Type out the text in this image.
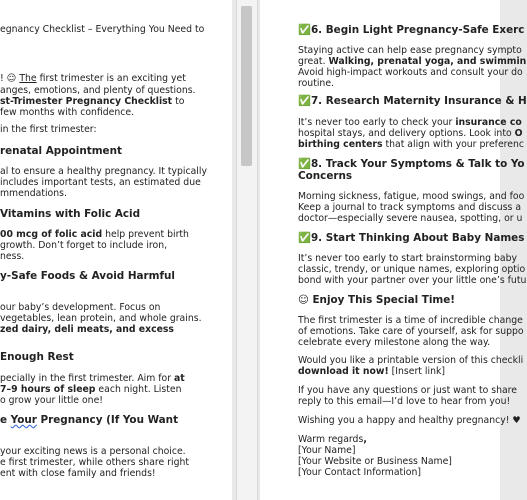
egnancy Checklist – Everything You Need to
! ☺ The first trimester is an exciting yet
anges, emotions, and plenty of questions.
st-Trimester Pregnancy Checklist to
few months with confidence.
in the first trimester:
renatal Appointment
al to ensure a healthy pregnancy. It typically
includes important tests, an estimated due
mmendations.
Vitamins with Folic Acid
00 mcg of folic acid help prevent birth
growth. Don’t forget to include iron,
ness.
y-Safe Foods & Avoid Harmful
our baby’s development. Focus on
vegetables, lean protein, and whole grains.
zed dairy, deli meats, and excess
Enough Rest
pecially in the first trimester. Aim for at
7–9 hours of sleep each night. Listen
o grow your little one!
e Your Pregnancy (If You Want
your exciting news is a personal choice.
e first trimester, while others share right
ent with close family and friends!
✅6. Begin Light Pregnancy-Safe Exerc
Staying active can help ease pregnancy sympto
great. Walking, prenatal yoga, and swimmin
Avoid high-impact workouts and consult your do
routine.
✅7. Research Maternity Insurance & H
It’s never too early to check your insurance co
hospital stays, and delivery options. Look into O
birthing centers that align with your preferenc
✅8. Track Your Symptoms & Talk to Yo
Concerns
Morning sickness, fatigue, mood swings, and foo
Keep a journal to track symptoms and discuss a
doctor—especially severe nausea, spotting, or u
✅9. Start Thinking About Baby Names
It’s never too early to start brainstorming baby
classic, trendy, or unique names, exploring optio
bond with your partner over your little one’s futu
☺ Enjoy This Special Time!
The first trimester is a time of incredible change
of emotions. Take care of yourself, ask for suppo
celebrate every milestone along the way.
Would you like a printable version of this checkli
download it now! [Insert link]
If you have any questions or just want to share
reply to this email—I’d love to hear from you!
Wishing you a happy and healthy pregnancy! ♥
Warm regards,
[Your Name]
[Your Website or Business Name]
[Your Contact Information]
